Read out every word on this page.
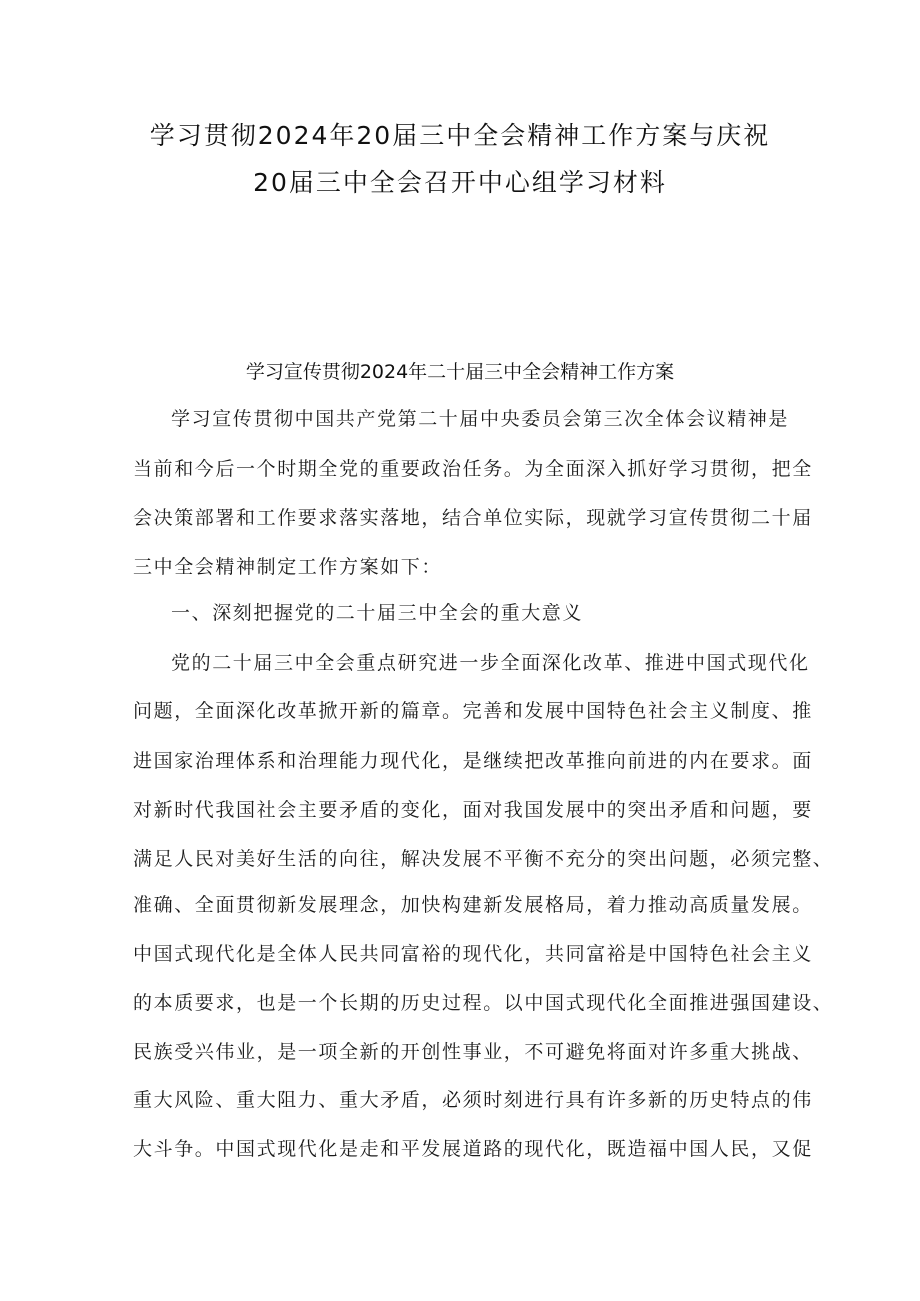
学习贯彻2024年20届三中全会精神工作方案与庆祝
20届三中全会召开中心组学习材料
学习宣传贯彻2024年二十届三中全会精神工作方案
学习宣传贯彻中国共产党第二十届中央委员会第三次全体会议精神是
当前和今后一个时期全党的重要政治任务。为全面深入抓好学习贯彻，把全
会决策部署和工作要求落实落地，结合单位实际，现就学习宣传贯彻二十届
三中全会精神制定工作方案如下：
一、深刻把握党的二十届三中全会的重大意义
党的二十届三中全会重点研究进一步全面深化改革、推进中国式现代化
问题，全面深化改革掀开新的篇章。完善和发展中国特色社会主义制度、推
进国家治理体系和治理能力现代化，是继续把改革推向前进的内在要求。面
对新时代我国社会主要矛盾的变化，面对我国发展中的突出矛盾和问题，要
满足人民对美好生活的向往，解决发展不平衡不充分的突出问题，必须完整、
准确、全面贯彻新发展理念，加快构建新发展格局，着力推动高质量发展。
中国式现代化是全体人民共同富裕的现代化，共同富裕是中国特色社会主义
的本质要求，也是一个长期的历史过程。以中国式现代化全面推进强国建设、
民族受兴伟业，是一项全新的开创性事业，不可避免将面对许多重大挑战、
重大风险、重大阻力、重大矛盾，必须时刻进行具有许多新的历史特点的伟
大斗争。中国式现代化是走和平发展道路的现代化，既造福中国人民，又促
